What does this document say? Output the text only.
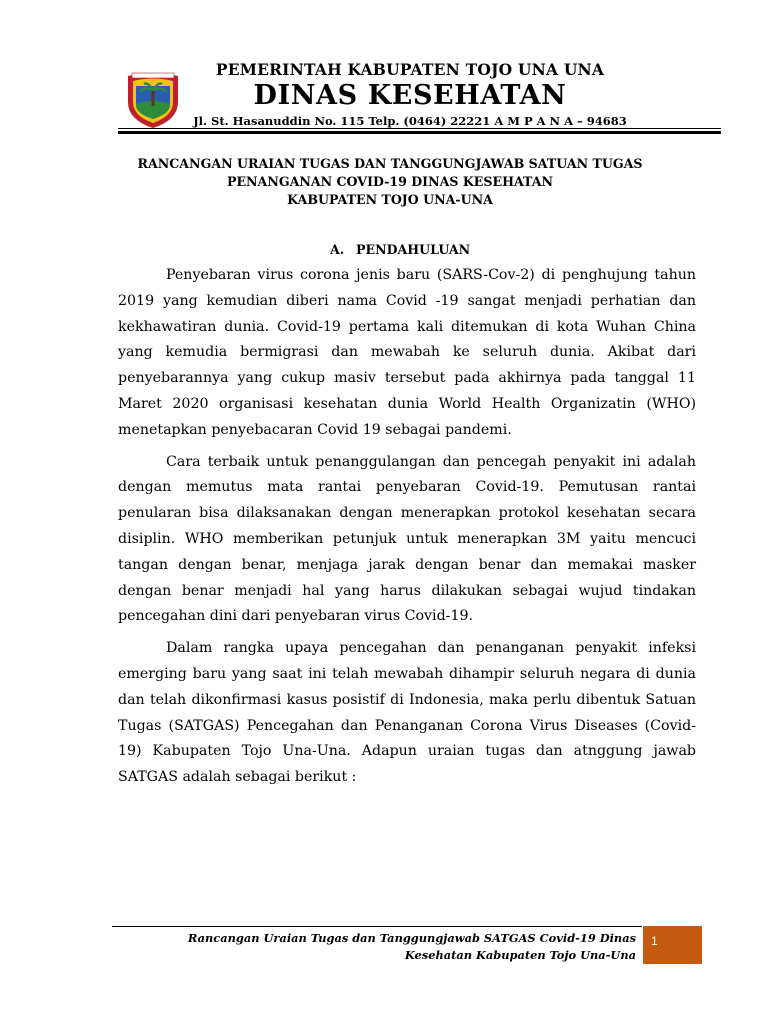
PEMERINTAH KABUPATEN TOJO UNA UNA
DINAS KESEHATAN
Jl. St. Hasanuddin No. 115 Telp. (0464) 22221 A M P A N A – 94683
RANCANGAN URAIAN TUGAS DAN TANGGUNGJAWAB SATUAN TUGAS
PENANGANAN COVID-19 DINAS KESEHATAN
KABUPATEN TOJO UNA-UNA
A. PENDAHULUAN

Penyebaran virus corona jenis baru (SARS-Cov-2) di penghujung tahun 2019 yang kemudian diberi nama Covid -19 sangat menjadi perhatian dan kekhawatiran dunia. Covid-19 pertama kali ditemukan di kota Wuhan China yang kemudia bermigrasi dan mewabah ke seluruh dunia. Akibat dari penyebarannya yang cukup masiv tersebut pada akhirnya pada tanggal 11 Maret 2020 organisasi kesehatan dunia World Health Organizatin (WHO) menetapkan penyebacaran Covid 19 sebagai pandemi.

Cara terbaik untuk penanggulangan dan pencegah penyakit ini adalah dengan memutus mata rantai penyebaran Covid-19. Pemutusan rantai penularan bisa dilaksanakan dengan menerapkan protokol kesehatan secara disiplin. WHO memberikan petunjuk untuk menerapkan 3M yaitu mencuci tangan dengan benar, menjaga jarak dengan benar dan memakai masker dengan benar menjadi hal yang harus dilakukan sebagai wujud tindakan pencegahan dini dari penyebaran virus Covid-19.

Dalam rangka upaya pencegahan dan penanganan penyakit infeksi emerging baru yang saat ini telah mewabah dihampir seluruh negara di dunia dan telah dikonfirmasi kasus posistif di Indonesia, maka perlu dibentuk Satuan Tugas (SATGAS) Pencegahan dan Penanganan Corona Virus Diseases (Covid-19) Kabupaten Tojo Una-Una. Adapun uraian tugas dan atnggung jawab SATGAS adalah sebagai berikut :

Rancangan Uraian Tugas dan Tanggungjawab SATGAS Covid-19 Dinas
Kesehatan Kabupaten Tojo Una-Una
1
